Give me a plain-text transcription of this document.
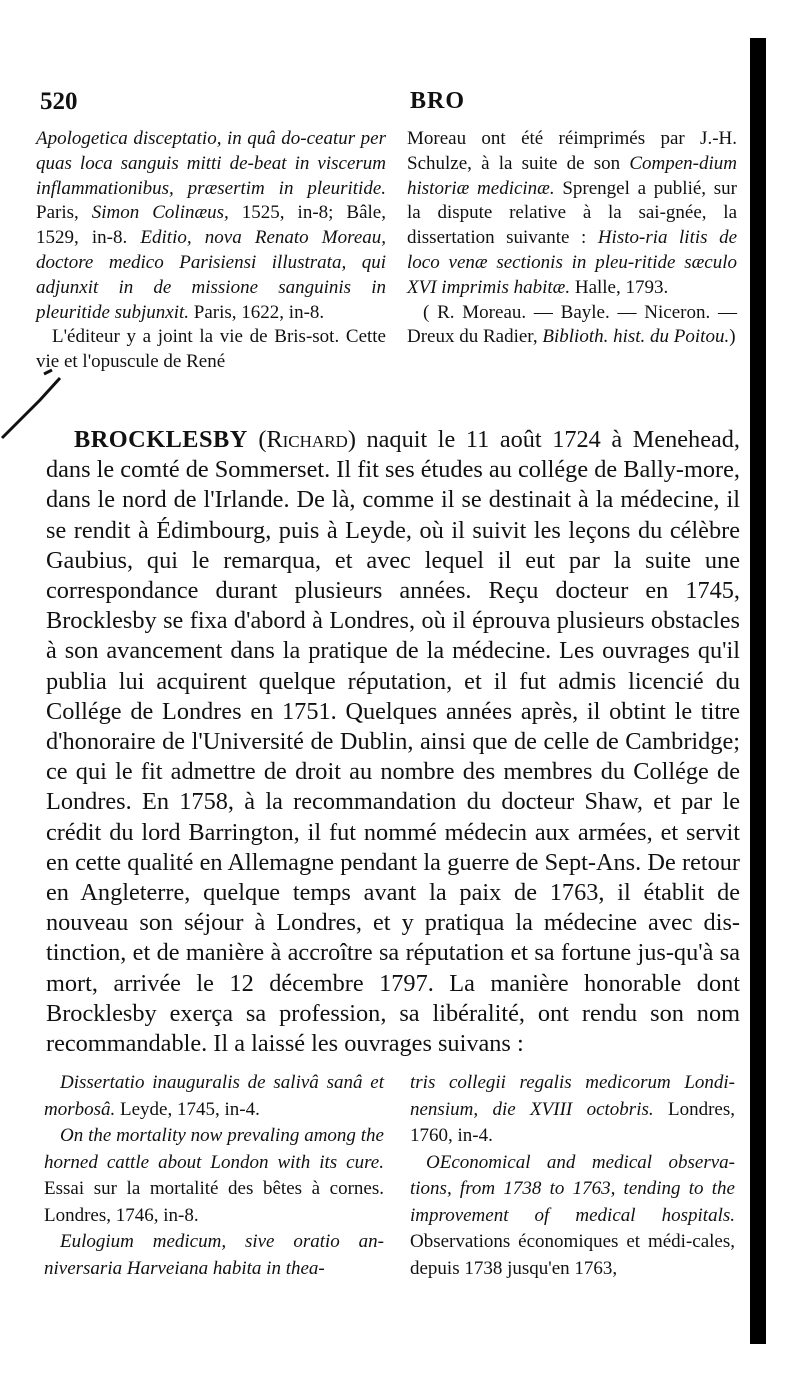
520	BRO

Apologetica disceptatio, in quâ do-ceatur per quas loca sanguis mitti de-beat in viscerum inflammationibus, præsertim in pleuritide. Paris, Simon Colinæus, 1525, in-8; Bâle, 1529, in-8. Editio, nova Renato Moreau, doctore medico Parisiensi illustrata, qui adjunxit in de missione sanguinis in pleuritide subjunxit. Paris, 1622, in-8.

L'éditeur y a joint la vie de Bris-sot. Cette vie et l'opuscule de René

Moreau ont été réimprimés par J.-H. Schulze, à la suite de son Compen-dium historiæ medicinæ. Sprengel a publié, sur la dispute relative à la sai-gnée, la dissertation suivante : Histo-ria litis de loco venæ sectionis in pleu-ritide sæculo XVI imprimis habitæ. Halle, 1793.

( R. Moreau. — Bayle. — Niceron. —Dreux du Radier, Biblioth. hist. du Poitou.)

BROCKLESBY (Richard) naquit le 11 août 1724 à Menehead, dans le comté de Sommerset. Il fit ses études au collége de Bally-more, dans le nord de l'Irlande. De là, comme il se destinait à la médecine, il se rendit à Édimbourg, puis à Leyde, où il suivit les leçons du célèbre Gaubius, qui le remarqua, et avec lequel il eut par la suite une correspondance durant plusieurs années. Reçu docteur en 1745, Brocklesby se fixa d'abord à Londres, où il éprouva plusieurs obstacles à son avancement dans la pratique de la médecine. Les ouvrages qu'il publia lui acquirent quelque réputation, et il fut admis licencié du Collége de Londres en 1751. Quelques années après, il obtint le titre d'honoraire de l'Université de Dublin, ainsi que de celle de Cambridge; ce qui le fit admettre de droit au nombre des membres du Collége de Londres. En 1758, à la recommandation du docteur Shaw, et par le crédit du lord Barrington, il fut nommé médecin aux armées, et servit en cette qualité en Allemagne pendant la guerre de Sept-Ans. De retour en Angleterre, quelque temps avant la paix de 1763, il établit de nouveau son séjour à Londres, et y pratiqua la médecine avec dis-tinction, et de manière à accroître sa réputation et sa fortune jus-qu'à sa mort, arrivée le 12 décembre 1797. La manière honorable dont Brocklesby exerça sa profession, sa libéralité, ont rendu son nom recommandable. Il a laissé les ouvrages suivans :

Dissertatio inauguralis de salivâ sanâ et morbosâ. Leyde, 1745, in-4.

On the mortality now prevaling among the horned cattle about London with its cure. Essai sur la mortalité des bêtes à cornes. Londres, 1746, in-8.

Eulogium medicum, sive oratio an-niversaria Harveiana habita in thea-

tris collegii regalis medicorum Londi-nensium, die XVIII octobris. Londres, 1760, in-4.

OEconomical and medical observa-tions, from 1738 to 1763, tending to the improvement of medical hospitals. Observations économiques et médi-cales, depuis 1738 jusqu'en 1763,
